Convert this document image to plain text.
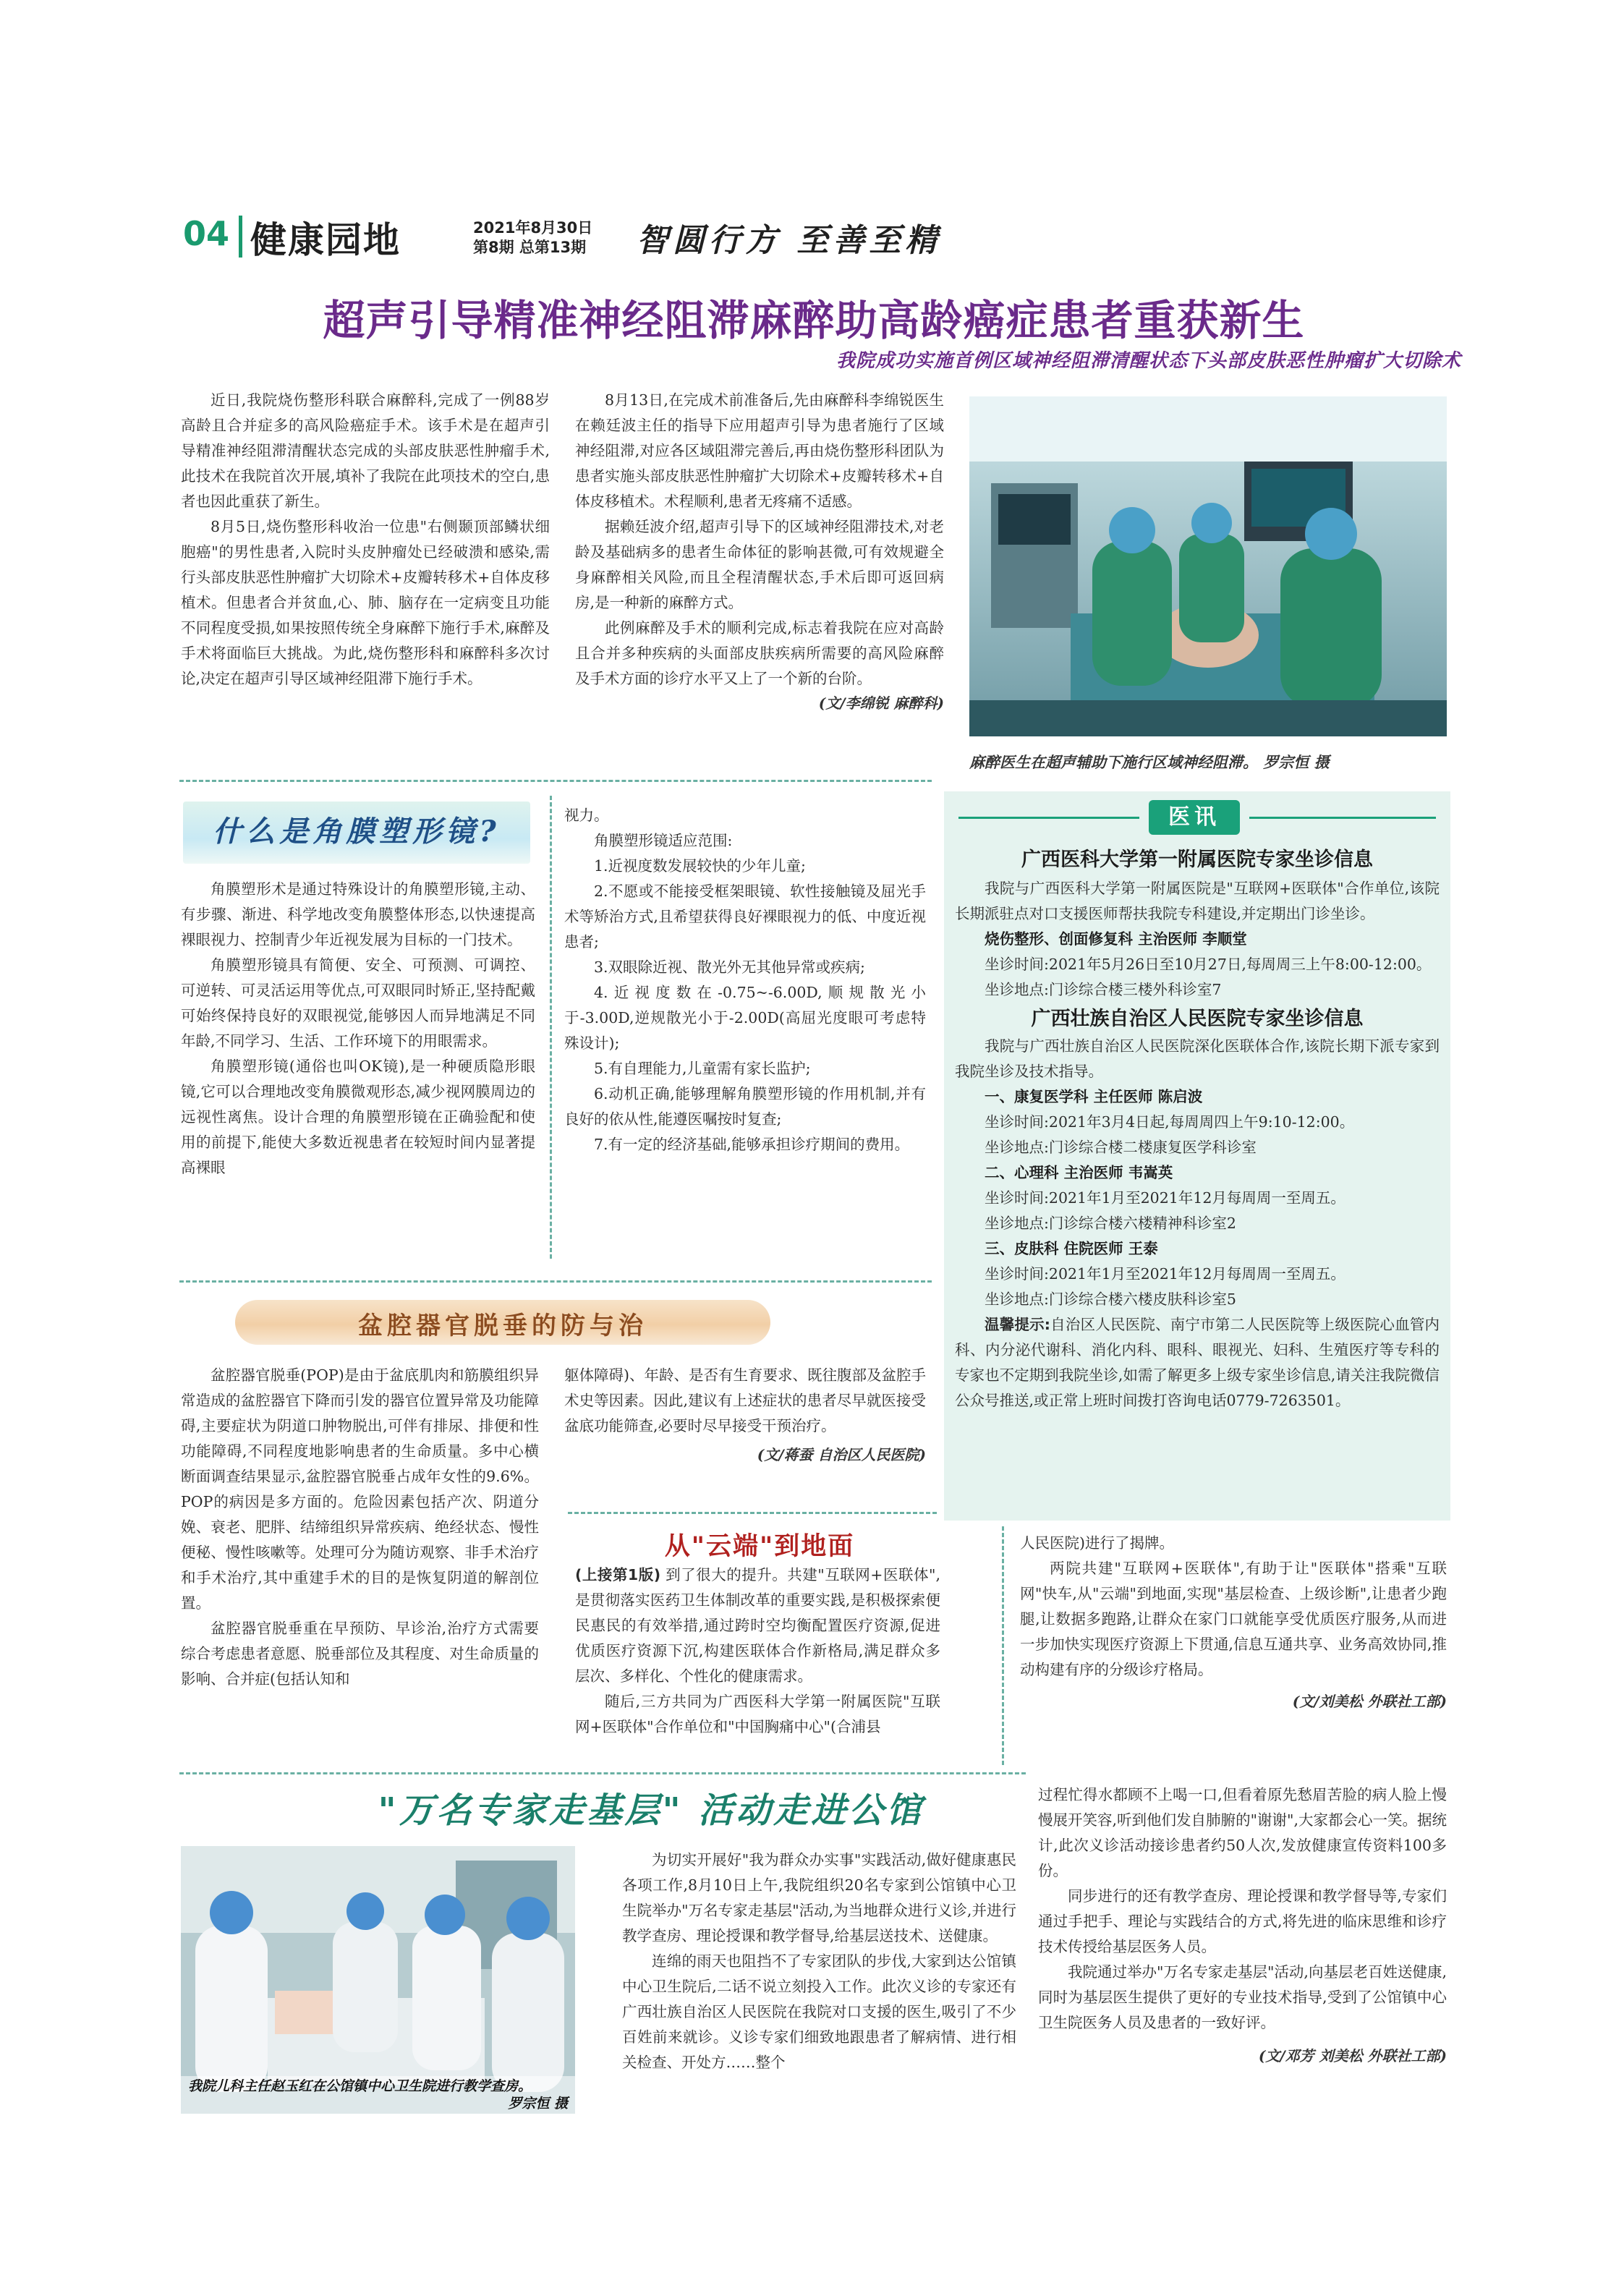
04 健康园地	2021年8月30日
第8期 总第13期 智圆行方 至善至精
超声引导精准神经阻滞麻醉助高龄癌症患者重获新生
我院成功实施首例区域神经阻滞清醒状态下头部皮肤恶性肿瘤扩大切除术

近日,我院烧伤整形科联合麻醉科,完成了一例88岁高龄且合并症多的高风险癌症手术。该手术是在超声引导精准神经阻滞清醒状态完成的头部皮肤恶性肿瘤手术,此技术在我院首次开展,填补了我院在此项技术的空白,患者也因此重获了新生。

8月5日,烧伤整形科收治一位患"右侧颞顶部鳞状细胞癌"的男性患者,入院时头皮肿瘤处已经破溃和感染,需行头部皮肤恶性肿瘤扩大切除术+皮瓣转移术+自体皮移植术。但患者合并贫血,心、肺、脑存在一定病变且功能不同程度受损,如果按照传统全身麻醉下施行手术,麻醉及手术将面临巨大挑战。为此,烧伤整形科和麻醉科多次讨论,决定在超声引导区域神经阻滞下施行手术。

8月13日,在完成术前准备后,先由麻醉科李绵锐医生在赖廷波主任的指导下应用超声引导为患者施行了区域神经阻滞,对应各区域阻滞完善后,再由烧伤整形科团队为患者实施头部皮肤恶性肿瘤扩大切除术+皮瓣转移术+自体皮移植术。术程顺利,患者无疼痛不适感。

据赖廷波介绍,超声引导下的区域神经阻滞技术,对老龄及基础病多的患者生命体征的影响甚微,可有效规避全身麻醉相关风险,而且全程清醒状态,手术后即可返回病房,是一种新的麻醉方式。

此例麻醉及手术的顺利完成,标志着我院在应对高龄且合并多种疾病的头面部皮肤疾病所需要的高风险麻醉及手术方面的诊疗水平又上了一个新的台阶。

(文/李绵锐 麻醉科)
麻醉医生在超声辅助下施行区域神经阻滞。 罗宗恒 摄
什么是角膜塑形镜?

角膜塑形术是通过特殊设计的角膜塑形镜,主动、有步骤、渐进、科学地改变角膜整体形态,以快速提高裸眼视力、控制青少年近视发展为目标的一门技术。

角膜塑形镜具有简便、安全、可预测、可调控、可逆转、可灵活运用等优点,可双眼同时矫正,坚持配戴可始终保持良好的双眼视觉,能够因人而异地满足不同年龄,不同学习、生活、工作环境下的用眼需求。

角膜塑形镜(通俗也叫OK镜),是一种硬质隐形眼镜,它可以合理地改变角膜微观形态,减少视网膜周边的远视性离焦。设计合理的角膜塑形镜在正确验配和使用的前提下,能使大多数近视患者在较短时间内显著提高裸眼

视力。

角膜塑形镜适应范围:

1.近视度数发展较快的少年儿童;

2.不愿或不能接受框架眼镜、软性接触镜及屈光手术等矫治方式,且希望获得良好裸眼视力的低、中度近视患者;

3.双眼除近视、散光外无其他异常或疾病;

4.近视度数在-0.75~-6.00D,顺规散光小于-3.00D,逆规散光小于-2.00D(高屈光度眼可考虑特殊设计);

5.有自理能力,儿童需有家长监护;

6.动机正确,能够理解角膜塑形镜的作用机制,并有良好的依从性,能遵医嘱按时复查;

7.有一定的经济基础,能够承担诊疗期间的费用。

医讯
广西医科大学第一附属医院专家坐诊信息

我院与广西医科大学第一附属医院是"互联网+医联体"合作单位,该院长期派驻点对口支援医师帮扶我院专科建设,并定期出门诊坐诊。

烧伤整形、创面修复科 主治医师 李顺堂

坐诊时间:2021年5月26日至10月27日,每周周三上午8:00-12:00。

坐诊地点:门诊综合楼三楼外科诊室7

广西壮族自治区人民医院专家坐诊信息

我院与广西壮族自治区人民医院深化医联体合作,该院长期下派专家到我院坐诊及技术指导。

一、康复医学科 主任医师 陈启波

坐诊时间:2021年3月4日起,每周周四上午9:10-12:00。

坐诊地点:门诊综合楼二楼康复医学科诊室

二、心理科 主治医师 韦嵩英

坐诊时间:2021年1月至2021年12月每周周一至周五。

坐诊地点:门诊综合楼六楼精神科诊室2

三、皮肤科 住院医师 王泰

坐诊时间:2021年1月至2021年12月每周周一至周五。

坐诊地点:门诊综合楼六楼皮肤科诊室5

温馨提示:自治区人民医院、南宁市第二人民医院等上级医院心血管内科、内分泌代谢科、消化内科、眼科、眼视光、妇科、生殖医疗等专科的专家也不定期到我院坐诊,如需了解更多上级专家坐诊信息,请关注我院微信公众号推送,或正常上班时间拨打咨询电话0779-7263501。

盆腔器官脱垂的防与治

盆腔器官脱垂(POP)是由于盆底肌肉和筋膜组织异常造成的盆腔器官下降而引发的器官位置异常及功能障碍,主要症状为阴道口肿物脱出,可伴有排尿、排便和性功能障碍,不同程度地影响患者的生命质量。多中心横断面调查结果显示,盆腔器官脱垂占成年女性的9.6%。POP的病因是多方面的。危险因素包括产次、阴道分娩、衰老、肥胖、结缔组织异常疾病、绝经状态、慢性便秘、慢性咳嗽等。处理可分为随访观察、非手术治疗和手术治疗,其中重建手术的目的是恢复阴道的解剖位置。

盆腔器官脱垂重在早预防、早诊治,治疗方式需要综合考虑患者意愿、脱垂部位及其程度、对生命质量的影响、合并症(包括认知和

躯体障碍)、年龄、是否有生育要求、既往腹部及盆腔手术史等因素。因此,建议有上述症状的患者尽早就医接受盆底功能筛查,必要时尽早接受干预治疗。

(文/蒋蚕 自治区人民医院)
从"云端"到地面

(上接第1版) 到了很大的提升。共建"互联网+医联体",是贯彻落实医药卫生体制改革的重要实践,是积极探索便民惠民的有效举措,通过跨时空均衡配置医疗资源,促进优质医疗资源下沉,构建医联体合作新格局,满足群众多层次、多样化、个性化的健康需求。

随后,三方共同为广西医科大学第一附属医院"互联网+医联体"合作单位和"中国胸痛中心"(合浦县

人民医院)进行了揭牌。

两院共建"互联网+医联体",有助于让"医联体"搭乘"互联网"快车,从"云端"到地面,实现"基层检查、上级诊断",让患者少跑腿,让数据多跑路,让群众在家门口就能享受优质医疗服务,从而进一步加快实现医疗资源上下贯通,信息互通共享、业务高效协同,推动构建有序的分级诊疗格局。

(文/刘美松 外联社工部)
"万名专家走基层" 活动走进公馆
我院儿科主任赵玉红在公馆镇中心卫生院进行教学查房。
罗宗恒 摄

为切实开展好"我为群众办实事"实践活动,做好健康惠民各项工作,8月10日上午,我院组织20名专家到公馆镇中心卫生院举办"万名专家走基层"活动,为当地群众进行义诊,并进行教学查房、理论授课和教学督导,给基层送技术、送健康。

连绵的雨天也阻挡不了专家团队的步伐,大家到达公馆镇中心卫生院后,二话不说立刻投入工作。此次义诊的专家还有广西壮族自治区人民医院在我院对口支援的医生,吸引了不少百姓前来就诊。义诊专家们细致地跟患者了解病情、进行相关检查、开处方……整个

过程忙得水都顾不上喝一口,但看着原先愁眉苦脸的病人脸上慢慢展开笑容,听到他们发自肺腑的"谢谢",大家都会心一笑。据统计,此次义诊活动接诊患者约50人次,发放健康宣传资料100多份。

同步进行的还有教学查房、理论授课和教学督导等,专家们通过手把手、理论与实践结合的方式,将先进的临床思维和诊疗技术传授给基层医务人员。

我院通过举办"万名专家走基层"活动,向基层老百姓送健康,同时为基层医生提供了更好的专业技术指导,受到了公馆镇中心卫生院医务人员及患者的一致好评。

(文/邓芳 刘美松 外联社工部)
